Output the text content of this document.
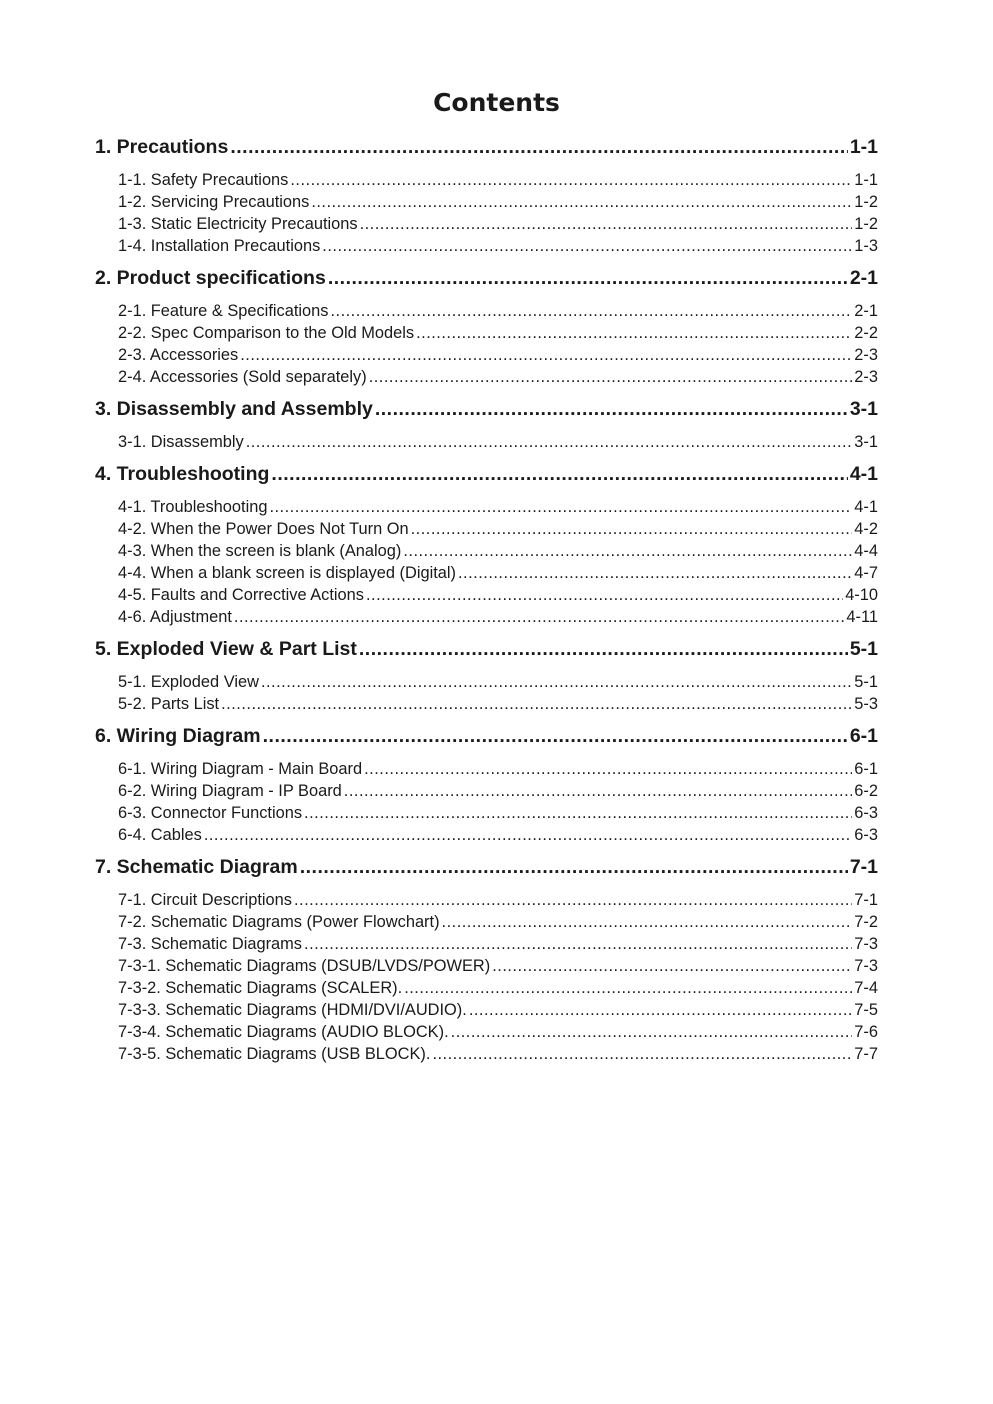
Contents
1. Precautions .....	1-1
1-1. Safety Precautions .....	1-1
1-2. Servicing Precautions .....	1-2
1-3. Static Electricity Precautions .....	1-2
1-4. Installation Precautions .....	1-3
2. Product specifications .....	2-1
2-1. Feature & Specifications .....	2-1
2-2. Spec Comparison to the Old Models .....	2-2
2-3. Accessories .....	2-3
2-4. Accessories (Sold separately) .....	2-3
3. Disassembly and Assembly .....	3-1
3-1. Disassembly .....	3-1
4. Troubleshooting .....	4-1
4-1. Troubleshooting .....	4-1
4-2. When the Power Does Not Turn On .....	4-2
4-3. When the screen is blank (Analog) .....	4-4
4-4. When a blank screen is displayed (Digital) .....	4-7
4-5. Faults and Corrective Actions .....	4-10
4-6. Adjustment .....	4-11
5. Exploded View & Part List .....	5-1
5-1. Exploded View .....	5-1
5-2. Parts List .....	5-3
6. Wiring Diagram .....	6-1
6-1. Wiring Diagram - Main Board .....	6-1
6-2. Wiring Diagram - IP Board .....	6-2
6-3. Connector Functions .....	6-3
6-4. Cables .....	6-3
7. Schematic Diagram .....	7-1
7-1. Circuit Descriptions .....	7-1
7-2. Schematic Diagrams (Power Flowchart) .....	7-2
7-3. Schematic Diagrams .....	7-3
7-3-1. Schematic Diagrams (DSUB/LVDS/POWER) .....	7-3
7-3-2. Schematic Diagrams (SCALER). .....	7-4
7-3-3. Schematic Diagrams (HDMI/DVI/AUDIO). .....	7-5
7-3-4. Schematic Diagrams (AUDIO BLOCK). .....	7-6
7-3-5. Schematic Diagrams (USB BLOCK). .....	7-7
